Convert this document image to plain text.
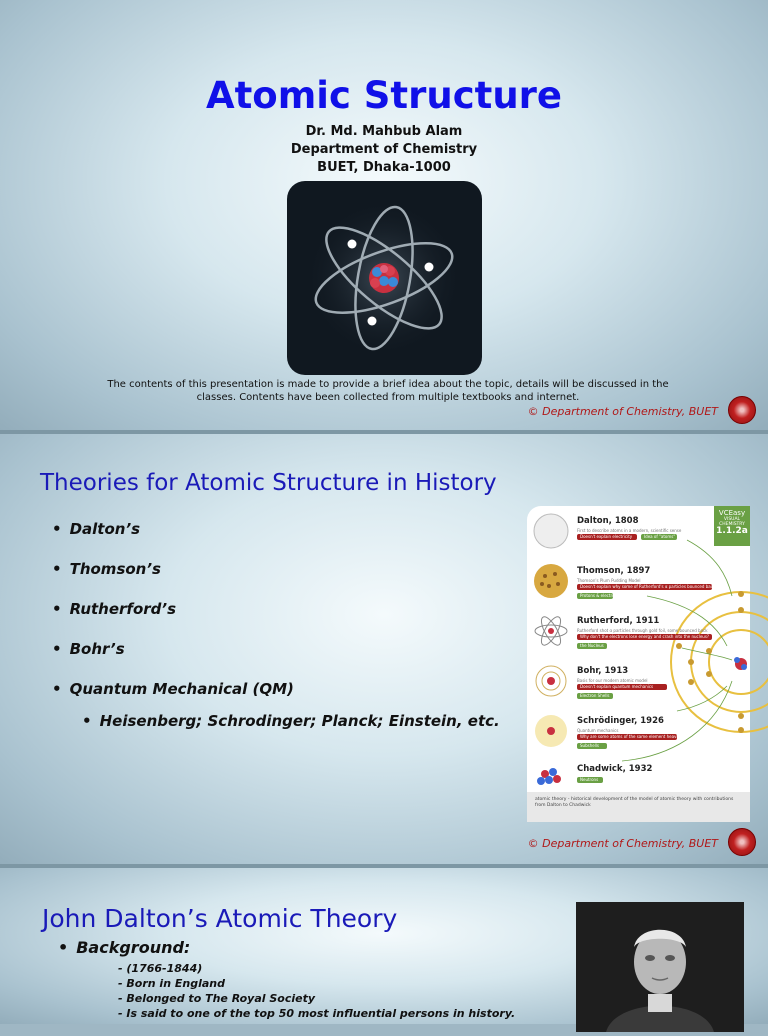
Atomic Structure
Dr. Md. Mahbub Alam
Department of Chemistry
BUET, Dhaka-1000
The contents of this presentation is made to provide a brief idea about the topic, details will be discussed in the
classes. Contents have been collected from multiple textbooks and internet.
© Department of Chemistry, BUET
Theories for Atomic Structure in History
• Dalton’s
• Thomson’s
• Rutherford’s
• Bohr’s
• Quantum Mechanical (QM)
• Heisenberg; Schrodinger; Planck; Einstein, etc.
VCEasy
VISUAL
CHEMISTRY
1.1.2a
Dalton, 1808
First to describe atoms in a modern, scientific sense
Doesn't explain electricity	Idea of "atoms"
Thomson, 1897
Thomson's Plum Pudding Model
Doesn't explain why some of Rutherford's α particles bounced back
Protons & electrons
Rutherford, 1911
Rutherford shot α particles through gold foil, some bounced back
Why don't the electrons lose energy and crash into the nucleus?
the Nucleus
Bohr, 1913
Basis for our modern atomic model
Doesn't explain quantum mechanics
Electron Shells
Schrödinger, 1926
Quantum mechanics
Why are some atoms of the same element heavier?
Subshells
Chadwick, 1932
Neutrons
atomic theory - historical development of the model of atomic theory with contributions from Dalton to Chadwick
© Department of Chemistry, BUET
John Dalton’s Atomic Theory
• Background:
- (1766-1844)
- Born in England
- Belonged to The Royal Society
- Is said to one of the top 50 most influential persons in history.
